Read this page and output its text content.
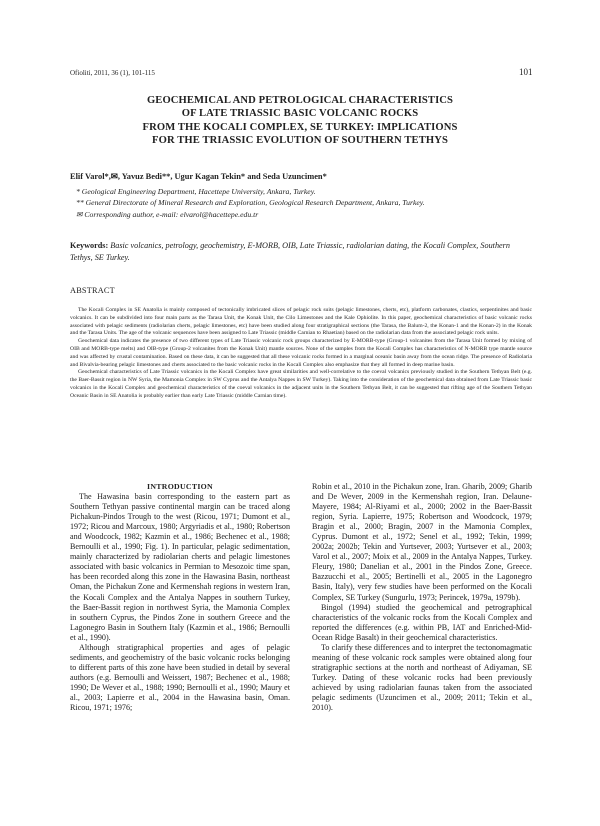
Ofioliti, 2011, 36 (1), 101-115	101
GEOCHEMICAL AND PETROLOGICAL CHARACTERISTICS
OF LATE TRIASSIC BASIC VOLCANIC ROCKS
FROM THE KOCALI COMPLEX, SE TURKEY: IMPLICATIONS
FOR THE TRIASSIC EVOLUTION OF SOUTHERN TETHYS
Elif Varol*,✉, Yavuz Bedi**, Ugur Kagan Tekin* and Seda Uzuncimen*
* Geological Engineering Department, Hacettepe University, Ankara, Turkey.
** General Directorate of Mineral Research and Exploration, Geological Research Department, Ankara, Turkey.
✉ Corresponding author, e-mail: elvarol@hacettepe.edu.tr
Keywords: Basic volcanics, petrology, geochemistry, E-MORB, OIB, Late Triassic, radiolarian dating, the Kocali Complex, Southern Tethys, SE Turkey.
ABSTRACT

The Kocali Complex in SE Anatolia is mainly composed of tectonically imbricated slices of pelagic rock suits (pelagic limestones, cherts, etc), platform carbonates, clastics, serpentinites and basic volcanics. It can be subdivided into four main parts as the Tarasa Unit, the Konak Unit, the Cilo Limestones and the Kale Ophiolite. In this paper, geochemical characteristics of basic volcanic rocks associated with pelagic sediments (radiolarian cherts, pelagic limestones, etc) have been studied along four stratigraphical sections (the Tarasa, the Balum-2, the Konan-1 and the Konan-2) in the Konak and the Tarasa Units. The age of the volcanic sequences have been assigned to Late Triassic (middle Carnian to Rhaetian) based on the radiolarian data from the associated pelagic rock units.

Geochemical data indicates the presence of two different types of Late Triassic volcanic rock groups characterized by E-MORB-type (Group-1 volcanites from the Tarasa Unit formed by mixing of OIB and MORB-type melts) and OIB-type (Group-2 volcanites from the Konak Unit) mantle sources. None of the samples from the Kocali Complex has characteristics of N-MORB type mantle source and was affected by crustal contamination. Based on these data, it can be suggested that all these volcanic rocks formed in a marginal oceanic basin away from the ocean ridge. The presence of Radiolaria and Bivalvia-bearing pelagic limestones and cherts associated to the basic volcanic rocks in the Kocali Complex also emphasize that they all formed in deep marine basin.

Geochemical characteristics of Late Triassic volcanics in the Kocali Complex have great similarities and well-correlative to the coeval volcanics previously studied in the Southern Tethyan Belt (e.g. the Baer-Bassit region in NW Syria, the Mamonia Complex in SW Cyprus and the Antalya Nappes in SW Turkey). Taking into the consideration of the geochemical data obtained from Late Triassic basic volcanics in the Kocali Complex and geochemical characteristics of the coeval volcanics in the adjacent units in the Southern Tethyan Belt, it can be suggested that rifting age of the Southern Tethyan Oceanic Basin in SE Anatolia is probably earlier than early Late Triassic (middle Carnian time).

INTRODUCTION

The Hawasina basin corresponding to the eastern part as Southern Tethyan passive continental margin can be traced along Pichakun-Pindos Trough to the west (Ricou, 1971; Dumont et al., 1972; Ricou and Marcoux, 1980; Argyriadis et al., 1980; Robertson and Woodcock, 1982; Kazmin et al., 1986; Bechenec et al., 1988; Bernoulli et al., 1990; Fig. 1). In particular, pelagic sedimentation, mainly characterized by radiolarian cherts and pelagic limestones associated with basic volcanics in Permian to Mesozoic time span, has been recorded along this zone in the Hawasina Basin, northeast Oman, the Pichakun Zone and Kermenshah regions in western Iran, the Kocali Complex and the Antalya Nappes in southern Turkey, the Baer-Bassit region in northwest Syria, the Mamonia Complex in southern Cyprus, the Pindos Zone in southern Greece and the Lagonegro Basin in Southern Italy (Kazmin et al., 1986; Bernoulli et al., 1990).

Although stratigraphical properties and ages of pelagic sediments, and geochemistry of the basic volcanic rocks belonging to different parts of this zone have been studied in detail by several authors (e.g. Bernoulli and Weissert, 1987; Bechenec et al., 1988; 1990; De Wever et al., 1988; 1990; Bernoulli et al., 1990; Maury et al., 2003; Lapierre et al., 2004 in the Hawasina basin, Oman. Ricou, 1971; 1976;

Robin et al., 2010 in the Pichakun zone, Iran. Gharib, 2009; Gharib and De Wever, 2009 in the Kermenshah region, Iran. Delaune-Mayere, 1984; Al-Riyami et al., 2000; 2002 in the Baer-Bassit region, Syria. Lapierre, 1975; Robertson and Woodcock, 1979; Bragin et al., 2000; Bragin, 2007 in the Mamonia Complex, Cyprus. Dumont et al., 1972; Senel et al., 1992; Tekin, 1999; 2002a; 2002b; Tekin and Yurtsever, 2003; Yurtsever et al., 2003; Varol et al., 2007; Moix et al., 2009 in the Antalya Nappes, Turkey. Fleury, 1980; Danelian et al., 2001 in the Pindos Zone, Greece. Bazzucchi et al., 2005; Bertinelli et al., 2005 in the Lagonegro Basin, Italy), very few studies have been performed on the Kocali Complex, SE Turkey (Sungurlu, 1973; Perincek, 1979a, 1979b).

Bingol (1994) studied the geochemical and petrographical characteristics of the volcanic rocks from the Kocali Complex and reported the differences (e.g. within PB, IAT and Enriched-Mid-Ocean Ridge Basalt) in their geochemical characteristics.

To clarify these differences and to interpret the tectonomagmatic meaning of these volcanic rock samples were obtained along four stratigraphic sections at the north and northeast of Adiyaman, SE Turkey. Dating of these volcanic rocks had been previously achieved by using radiolarian faunas taken from the associated pelagic sediments (Uzuncimen et al., 2009; 2011; Tekin et al., 2010).
